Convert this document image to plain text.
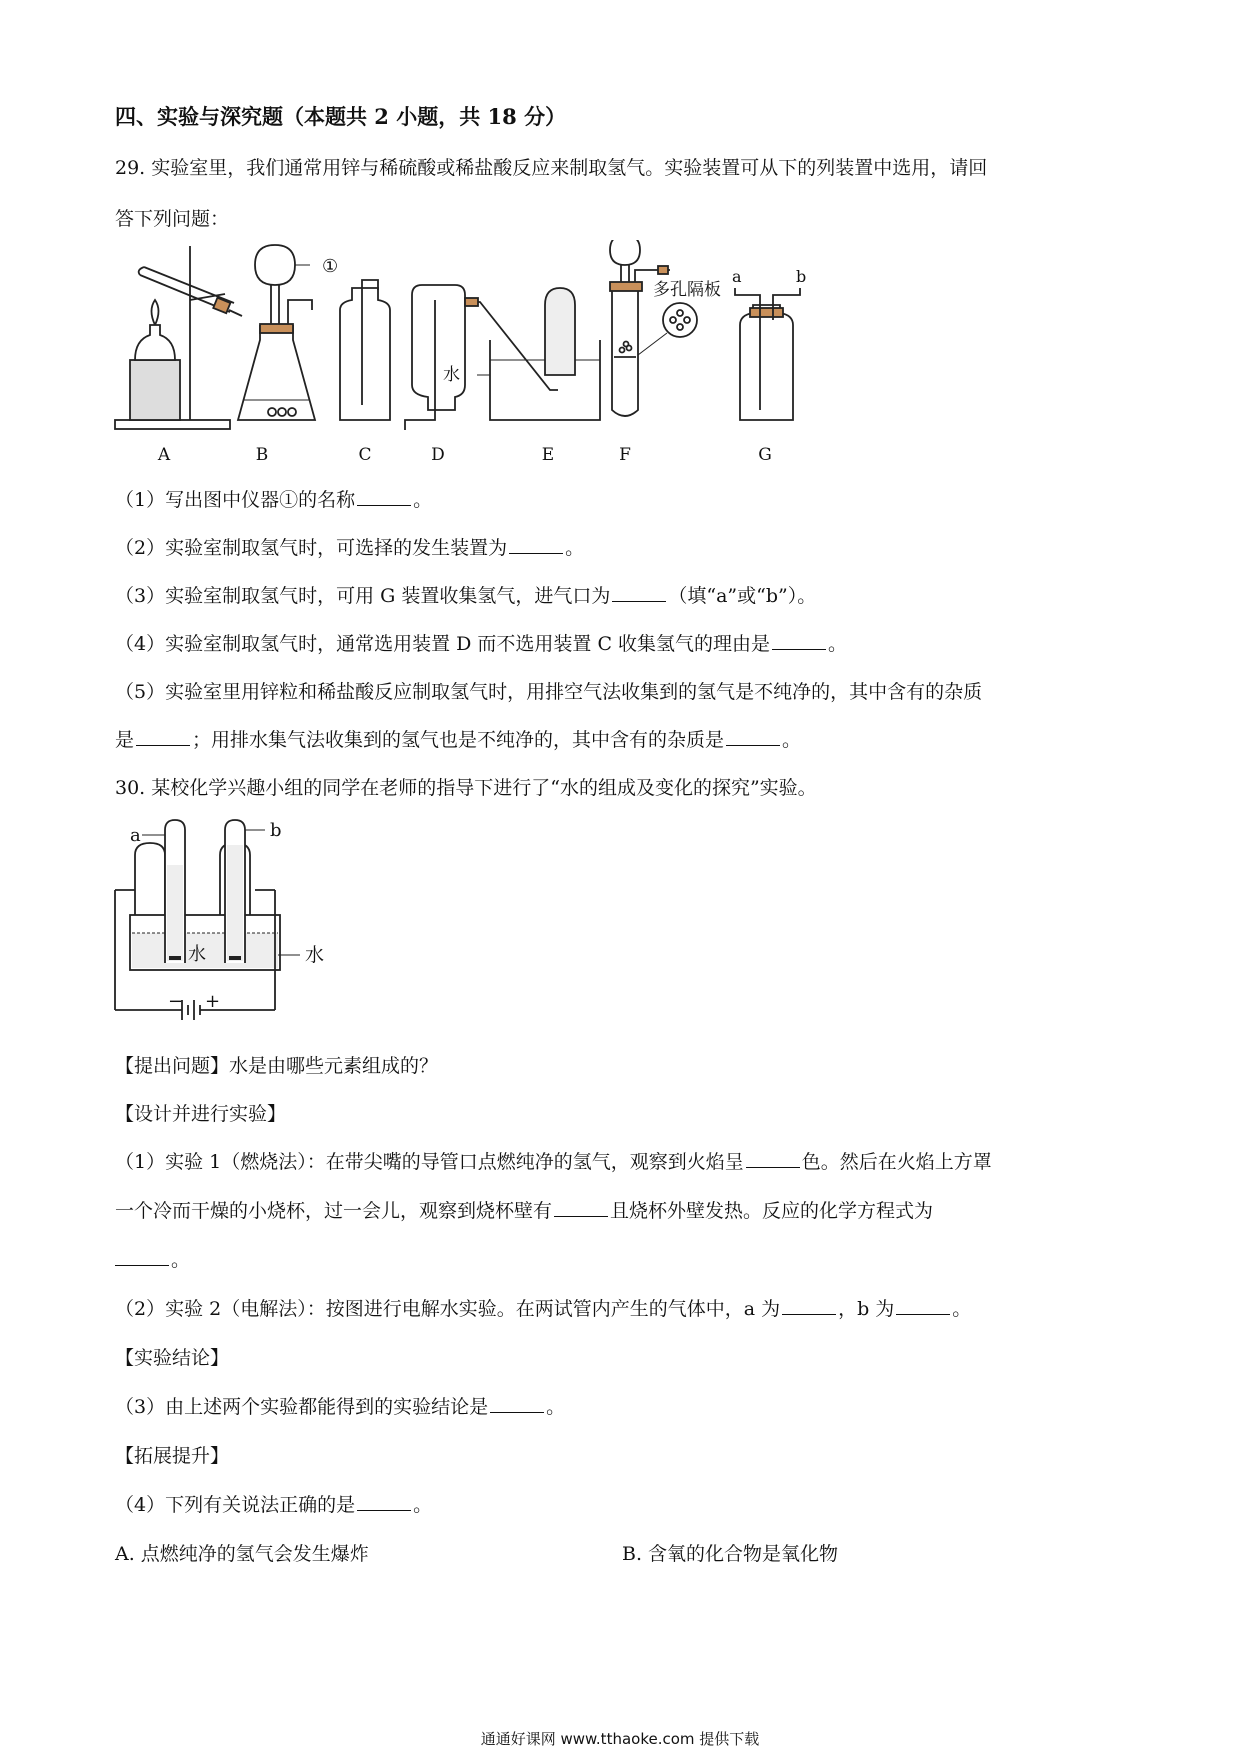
四、实验与深究题（本题共 2 小题，共 18 分）
29. 实验室里，我们通常用锌与稀硫酸或稀盐酸反应来制取氢气。实验装置可从下的列装置中选用，请回
答下列问题：
A
①
B	C	D
水
E
多孔隔板
F
a	b
G
（1）写出图中仪器①的名称	。
（2）实验室制取氢气时，可选择的发生装置为	。
（3）实验室制取氢气时，可用 G 装置收集氢气，进气口为	（填“a”或“b”）。
（4）实验室制取氢气时，通常选用装置 D 而不选用装置 C 收集氢气的理由是	。
（5）实验室里用锌粒和稀盐酸反应制取氢气时，用排空气法收集到的氢气是不纯净的，其中含有的杂质
是	；用排水集气法收集到的氢气也是不纯净的，其中含有的杂质是	。
30. 某校化学兴趣小组的同学在老师的指导下进行了“水的组成及变化的探究”实验。
a	b
水	水
− +
【提出问题】水是由哪些元素组成的？
【设计并进行实验】
（1）实验 1（燃烧法）：在带尖嘴的导管口点燃纯净的氢气，观察到火焰呈	色。然后在火焰上方罩
一个冷而干燥的小烧杯，过一会儿，观察到烧杯壁有	且烧杯外壁发热。反应的化学方程式为
。
（2）实验 2（电解法）：按图进行电解水实验。在两试管内产生的气体中，a 为	，b 为	。
【实验结论】
（3）由上述两个实验都能得到的实验结论是	。
【拓展提升】
（4）下列有关说法正确的是	。
A. 点燃纯净的氢气会发生爆炸	B. 含氧的化合物是氧化物
通通好课网 www.tthaoke.com 提供下载
